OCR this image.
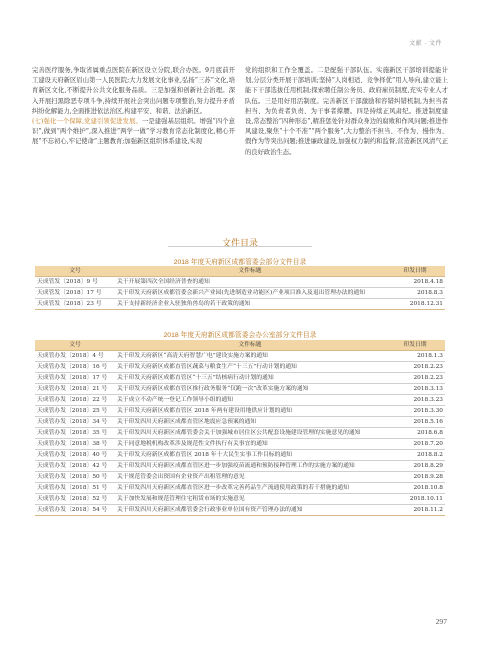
文献 · 文件

完善医疗服务,争取省属重点医院在新区设立分院,联合办医。9月底前开工建设天府新区眉山第一人民医院;大力发展文化事业,弘扬“三苏”文化,培育新区文化,不断提升公共文化服务品质。三是加强和创新社会治理。深入开展扫黑除恶专项斗争,持续开展社会突出问题专项整治,努力提升矛盾纠纷化解能力,全面推进依法治区,构建平安、和谐、法治新区。

(七)强化一个保障,党建引领促进发展。一是建强基层组织。增强“四个意识”,做到“两个维护”,深入推进“两学一做”学习教育常态化制度化,精心开展“不忘初心,牢记使命”主题教育;加强新区组织体系建设,实现

党的组织和工作全覆盖。二是配强干部队伍。实施新区干部培训提能计划,分层分类开展干部培训;坚持“人岗相适、竞争择优”用人导向,建立能上能下干部选拔任用机制;探索聘任制公务员、政府雇员制度,充实专业人才队伍。三是用好用活制度。完善新区干部激励和容错纠错机制,为担当者担当、为负责者负责、为干事者撑腰。四是持续正风肃纪。推进制度建设,常态整治“四种形态”,精准惩处针对群众身边的腐败和作风问题;推进作风建设,聚焦“十个不准”“两个服务”,大力整治不担当、不作为、慢作为、假作为等突出问题;推进廉政建设,加强权力制约和监督,营造新区风清气正的良好政治生态。

文件目录
2018 年度天府新区成都管委会部分文件目录
文号	文件标题	印发日期
天成管发〔2018〕9 号	关于开展第四次全国经济普查的通知	2018.4.18
天成管发〔2018〕17 号	关于印发天府新区成都管委会新兴产业园(先进制造业功能区)产业项目准入及退出管理办法的通知	2018.8.3
天成管发〔2018〕23 号	关于支持新经济企业入驻独角兽岛的若干政策的通知	2018.12.31
2018 年度天府新区成都管委会办公室部分文件目录
文号	文件标题	印发日期
天成管办发〔2018〕4 号	关于印发天府新区“高清天府智慧广电”建设实施方案的通知	2018.1.3
天成管办发〔2018〕16 号	关于印发天府新区成都直管区蔬菜与粮食生产“十三五”行动计划的通知	2018.2.23
天成管办发〔2018〕17 号	关于印发天府新区成都直管区“十三五”结核病行动计划的通知	2018.2.23
天成管办发〔2018〕21 号	关于印发天府新区成都直管区推行政务服务“仅跑一次”改革实施方案的通知	2018.3.13
天成管办发〔2018〕22 号	关于成立不动产统一登记工作领导小组的通知	2018.3.23
天成管办发〔2018〕25 号	关于印发天府新区成都直管区 2018 年两有建设用地供应计划的通知	2018.3.30
天成管办发〔2018〕34 号	关于印发四川天府新区成都直管区地震应急预案的通知	2018.5.16
天成管办发〔2018〕35 号	关于印发四川天府新区成都管委会关于加强城市居住区公共配套设施建设管理的实施意见的通知	2018.6.8
天成管办发〔2018〕38 号	关于同意地税机构改革涉及规范性文件执行有关事宜的通知	2018.7.20
天成管办发〔2018〕40 号	关于印发天府新区成都直管区 2018 年十大民生实事工作目标的通知	2018.8.2
天成管办发〔2018〕42 号	关于印发四川天府新区成都直管区进一步加强疫苗流通和预防接种管理工作的实施方案的通知	2018.8.29
天成管办发〔2018〕50 号	关于规范管委会出资国有企业资产出租管理的意见	2018.9.28
天成管办发〔2018〕51 号	关于印发四川天府新区成都直管区进一步改革完善药品生产流通使用政策的若干措施的通知	2018.10.8
天成管办发〔2018〕52 号	关于加快发展和规范管理住宅租赁市场的实施意见	2018.10.11
天成管办发〔2018〕54 号	关于印发四川天府新区成都管委会行政事业单位国有资产管理办法的通知	2018.11.2
297
